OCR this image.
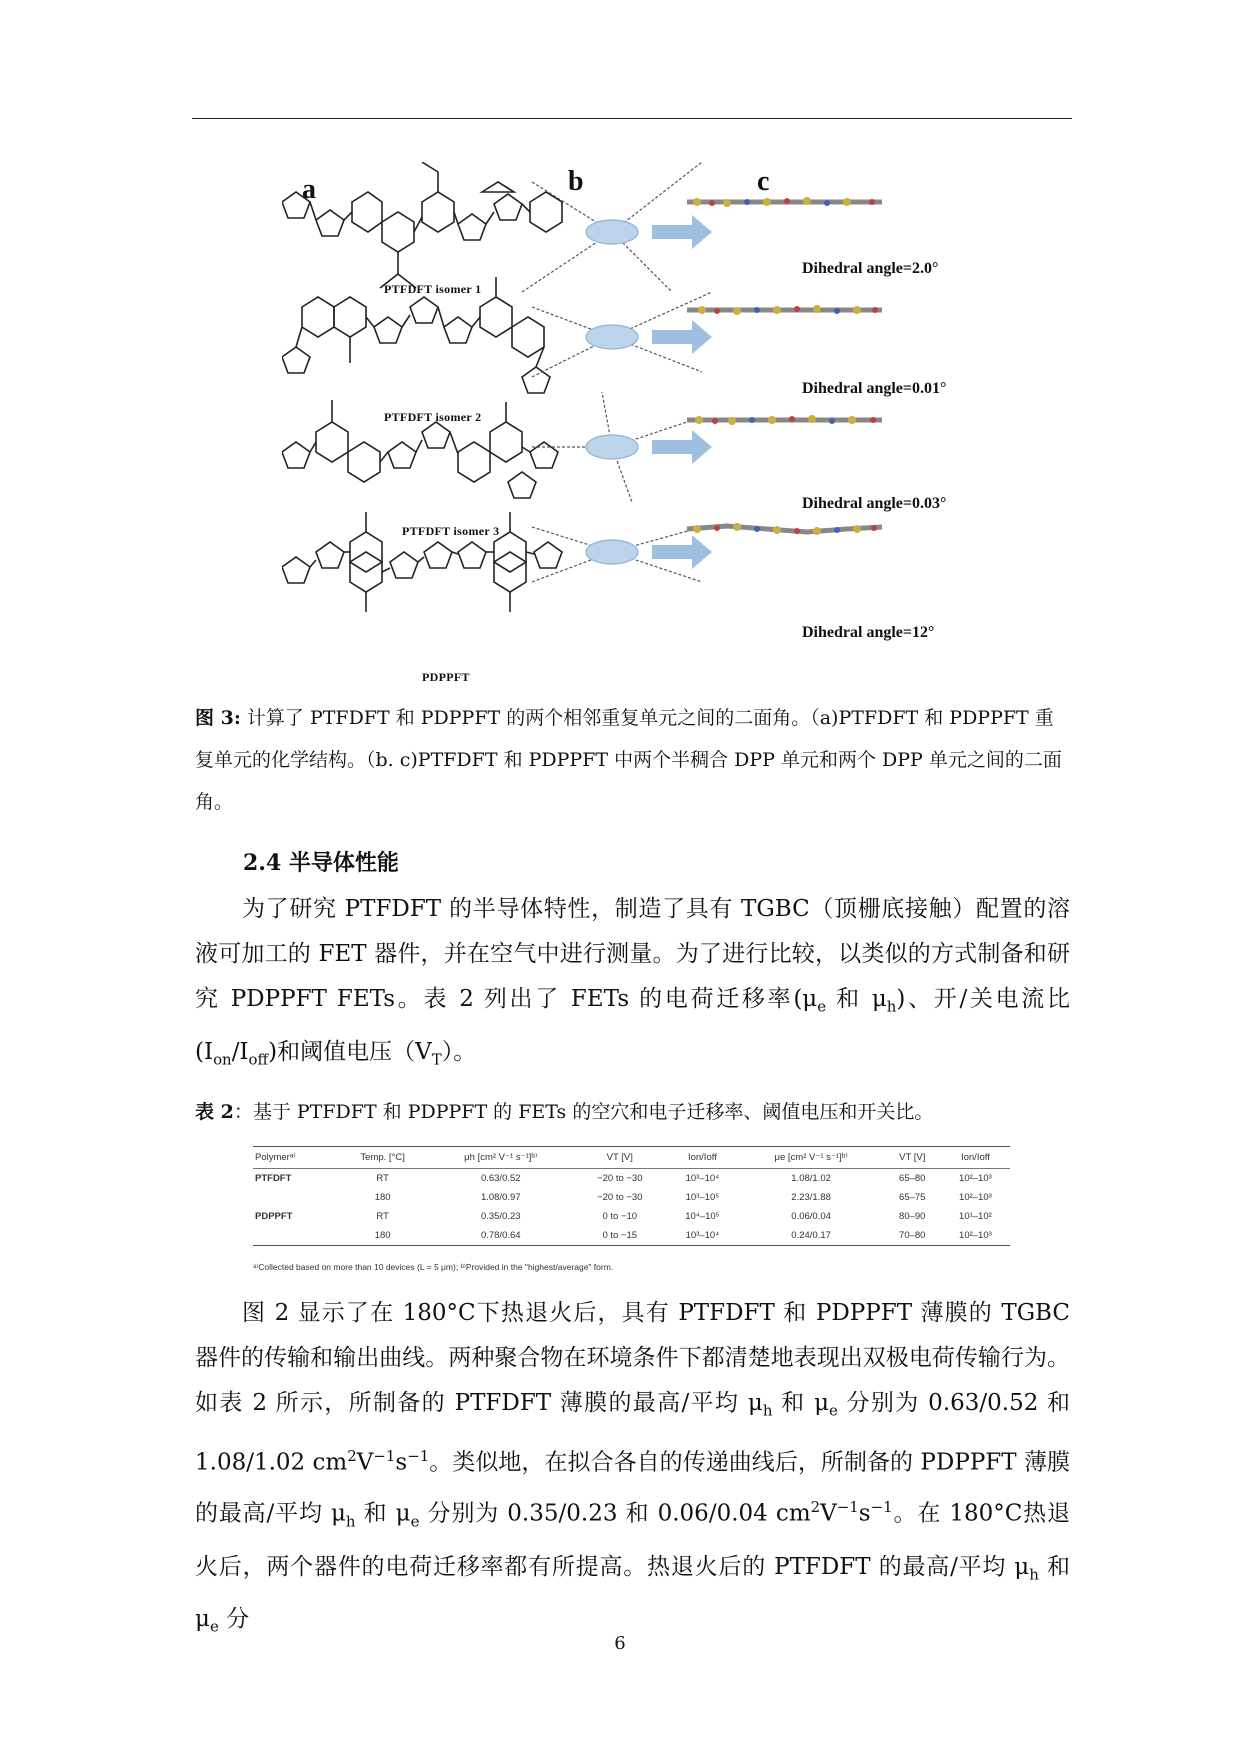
a	b	c
PTFDFT isomer 1
PTFDFT isomer 2
PTFDFT isomer 3
PDPPFT
Dihedral angle=2.0°
Dihedral angle=0.01°
Dihedral angle=0.03°
Dihedral angle=12°
图 3: 计算了 PTFDFT 和 PDPPFT 的两个相邻重复单元之间的二面角。（a)PTFDFT 和 PDPPFT 重复单元的化学结构。（b. c)PTFDFT 和 PDPPFT 中两个半稠合 DPP 单元和两个 DPP 单元之间的二面角。
2.4 半导体性能

为了研究 PTFDFT 的半导体特性，制造了具有 TGBC（顶栅底接触）配置的溶液可加工的 FET 器件，并在空气中进行测量。为了进行比较，以类似的方式制备和研究 PDPPFT FETs。表 2 列出了 FETs 的电荷迁移率($\mu_e$ 和 $\mu_h$)、开/关电流比 $(I_{on}/I_{off})$和阈值电压$(V_T)$。

表 2：基于 PTFDFT 和 PDPPFT 的 FETs 的空穴和电子迁移率、阈值电压和开关比。
Polymerᵃ⁾	Temp. [°C]	μh [cm² V⁻¹ s⁻¹]ᵇ⁾	VT [V]	Ion/Ioff	μe [cm² V⁻¹ s⁻¹]ᵇ⁾	VT [V]	Ion/Ioff
PTFDFT	RT	0.63/0.52	−20 to −30	10³–10⁴	1.08/1.02	65–80	10²–10³
	180	1.08/0.97	−20 to −30	10³–10⁵	2.23/1.88	65–75	10²–10³
PDPPFT	RT	0.35/0.23	0 to −10	10⁴–10⁵	0.06/0.04	80–90	10¹–10²
	180	0.78/0.64	0 to −15	10³–10⁴	0.24/0.17	70–80	10²–10³
ᵃ⁾Collected based on more than 10 devices (L = 5 μm); ᵇ⁾Provided in the "highest/average" form.

图 2 显示了在 180°C下热退火后，具有 PTFDFT 和 PDPPFT 薄膜的 TGBC 器件的传输和输出曲线。两种聚合物在环境条件下都清楚地表现出双极电荷传输行为。如表 2 所示，所制备的 PTFDFT 薄膜的最高/平均 $\mu_h$ 和 $\mu_e$ 分别为 0.63/0.52 和 1.08/1.02 $cm^2V^{-1}s^{-1}$。类似地，在拟合各自的传递曲线后，所制备的 PDPPFT 薄膜的最高/平均 $\mu_h$ 和 $\mu_e$ 分别为 0.35/0.23 和 0.06/0.04 $cm^2V^{-1}s^{-1}$。在 180°C热退火后，两个器件的电荷迁移率都有所提高。热退火后的 PTFDFT 的最高/平均 $\mu_h$ 和 $\mu_e$ 分

6
